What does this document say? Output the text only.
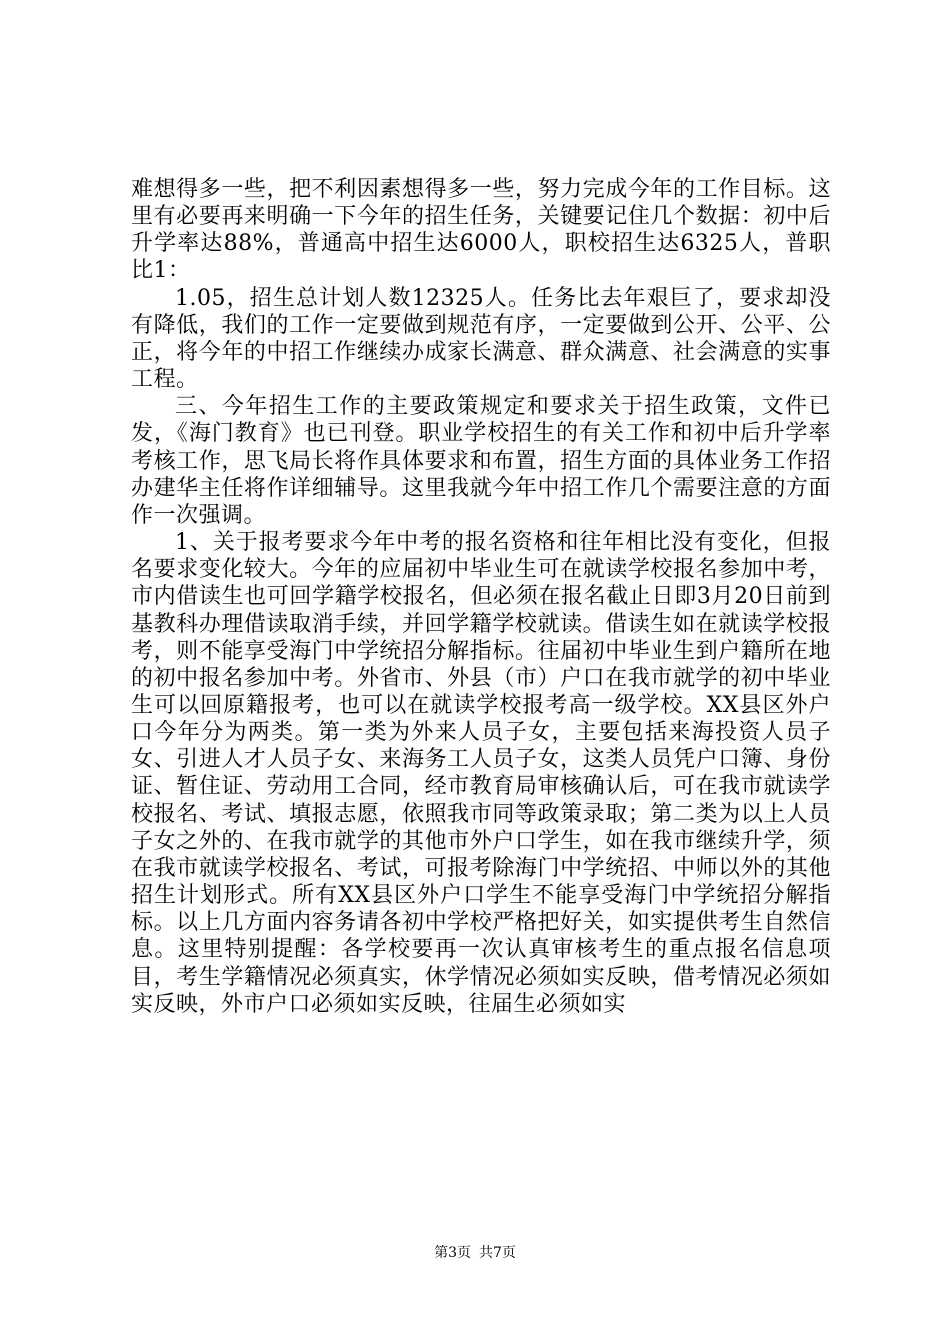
难想得多一些，把不利因素想得多一些，努力完成今年的工作目标。这里有必要再来明确一下今年的招生任务，关键要记住几个数据：初中后升学率达88%，普通高中招生达6000人，职校招生达6325人，普职比1：

1.05，招生总计划人数12325人。任务比去年艰巨了，要求却没有降低，我们的工作一定要做到规范有序，一定要做到公开、公平、公正，将今年的中招工作继续办成家长满意、群众满意、社会满意的实事工程。

三、今年招生工作的主要政策规定和要求关于招生政策，文件已发，《海门教育》也已刊登。职业学校招生的有关工作和初中后升学率考核工作，思飞局长将作具体要求和布置，招生方面的具体业务工作招办建华主任将作详细辅导。这里我就今年中招工作几个需要注意的方面作一次强调。

1、关于报考要求今年中考的报名资格和往年相比没有变化，但报名要求变化较大。今年的应届初中毕业生可在就读学校报名参加中考，市内借读生也可回学籍学校报名，但必须在报名截止日即3月20日前到基教科办理借读取消手续，并回学籍学校就读。借读生如在就读学校报考，则不能享受海门中学统招分解指标。往届初中毕业生到户籍所在地的初中报名参加中考。外省市、外县（市）户口在我市就学的初中毕业生可以回原籍报考，也可以在就读学校报考高一级学校。XX县区外户口今年分为两类。第一类为外来人员子女，主要包括来海投资人员子女、引进人才人员子女、来海务工人员子女，这类人员凭户口簿、身份证、暂住证、劳动用工合同，经市教育局审核确认后，可在我市就读学校报名、考试、填报志愿，依照我市同等政策录取；第二类为以上人员子女之外的、在我市就学的其他市外户口学生，如在我市继续升学，须在我市就读学校报名、考试，可报考除海门中学统招、中师以外的其他招生计划形式。所有XX县区外户口学生不能享受海门中学统招分解指标。以上几方面内容务请各初中学校严格把好关，如实提供考生自然信息。这里特别提醒：各学校要再一次认真审核考生的重点报名信息项目，考生学籍情况必须真实，休学情况必须如实反映，借考情况必须如实反映，外市户口必须如实反映，往届生必须如实

第3页 共7页
